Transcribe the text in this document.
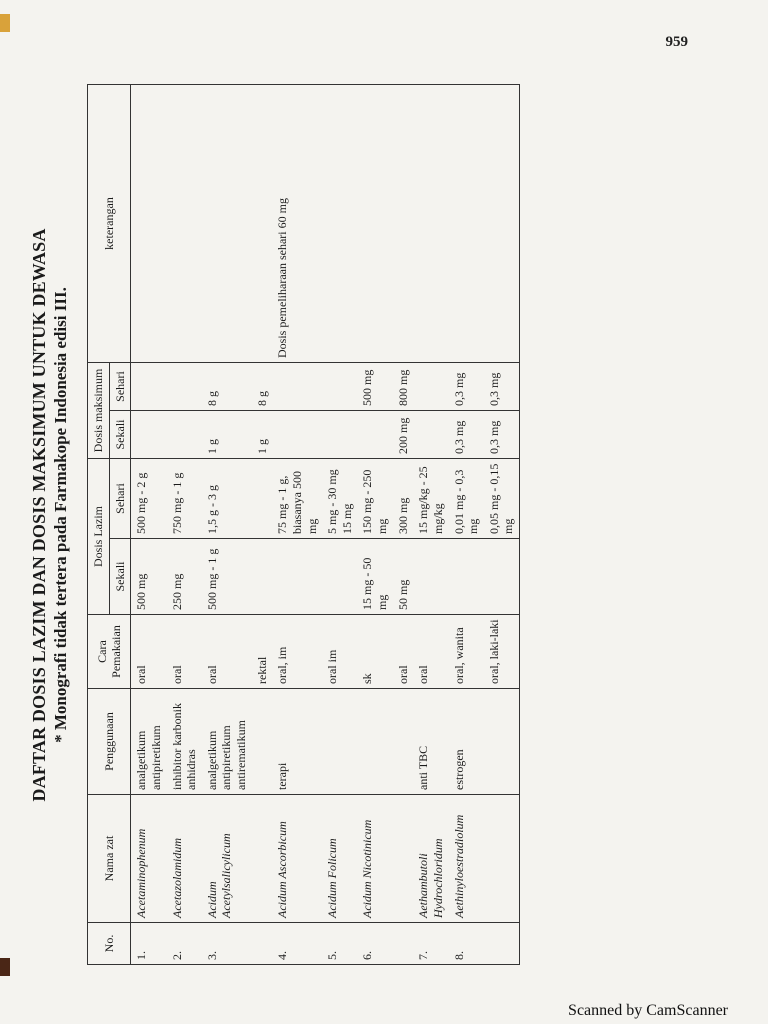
959
DAFTAR DOSIS LAZIM DAN DOSIS MAKSIMUM UNTUK DEWASA * Monografi tidak tertera pada Farmakope Indonesia edisi III.
No.	Nama zat	Penggunaan	Cara Pemakaian	Dosis Lazim		Dosis maksimum		keterangan
				Sekali	Sehari	Sekali	Sehari	
1.	Acetaminophenum	analgetikum antipiretikum	oral	500 mg	500 mg - 2 g			
2.	Acetazolamidum	inhibitor karbonik anhidras	oral	250 mg	750 mg - 1 g			
3.	Acidum Acetylsalicylicum	analgetikum antipiretikum antirematikum	oral	500 mg - 1 g	1,5 g - 3 g	1 g	8 g	
			rektal			1 g	8 g	
4.	Acidum Ascorbicum	terapi	oral, im		75 mg - 1 g, biasanya 500 mg			Dosis pemeliharaan sehari 60 mg
5.	Acidum Folicum		oral im		5 mg - 30 mg 15 mg			
6.	Acidum Nicotinicum		sk	15 mg - 50 mg	150 mg - 250 mg		500 mg	
			oral	50 mg	300 mg	200 mg	800 mg	
7.	Aethambutoli Hydrochloridum	anti TBC	oral		15 mg/kg - 25 mg/kg			
8.	Aethinyloestradiolum	estrogen	oral, wanita		0,01 mg - 0,3 mg	0,3 mg	0,3 mg	
			oral, laki-laki		0,05 mg - 0,15 mg	0,3 mg	0,3 mg	
Scanned by CamScanner
